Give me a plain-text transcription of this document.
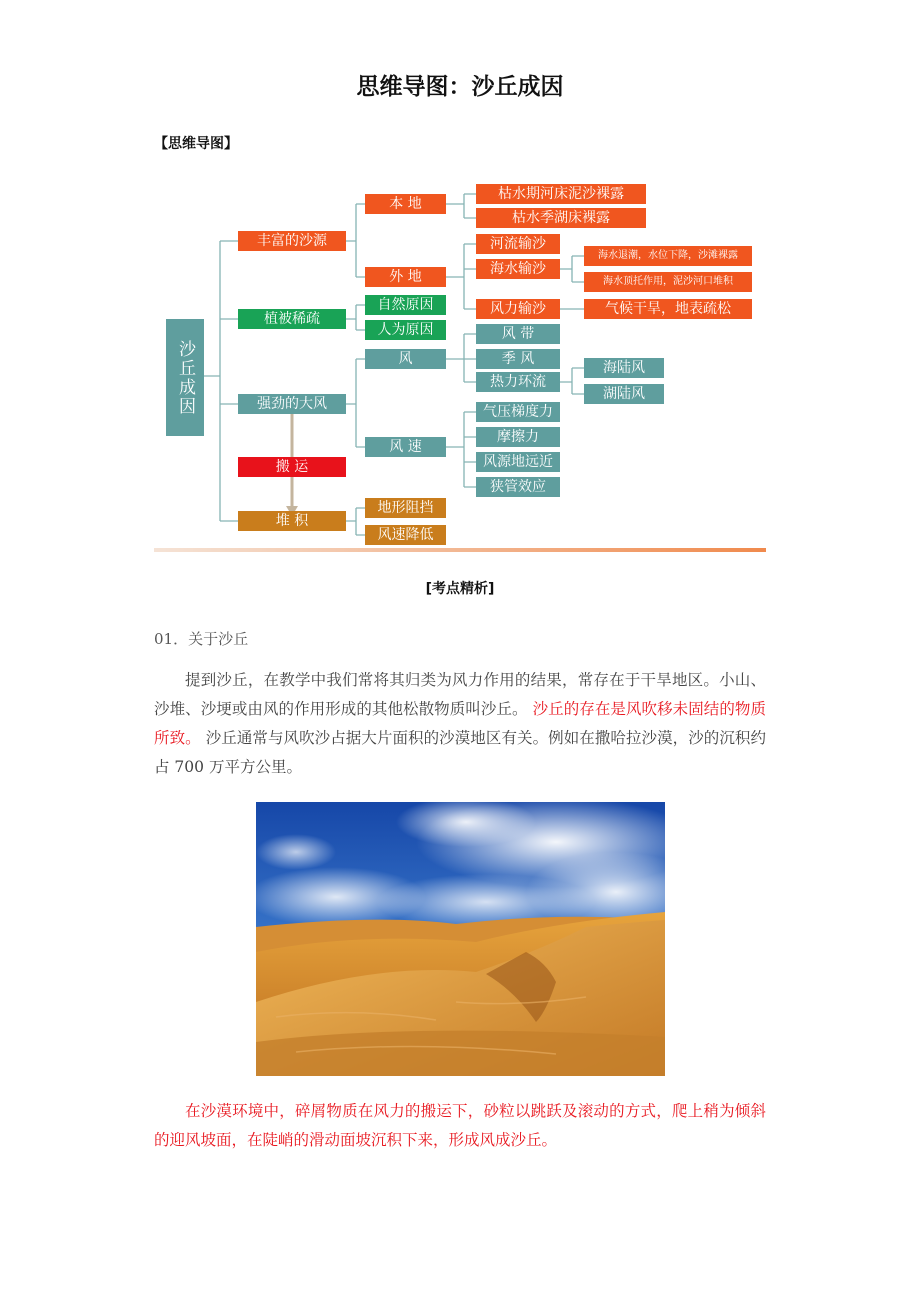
思维导图：沙丘成因
【思维导图】
沙丘成因
丰富的沙源
植被稀疏
强劲的大风
搬 运
堆 积
本 地
外 地
自然原因
人为原因
风
风 速
地形阻挡
风速降低
枯水期河床泥沙裸露
枯水季湖床裸露
河流输沙
海水输沙
风力输沙
风 带
季 风
热力环流
气压梯度力
摩擦力
风源地远近
狭管效应
海水退潮，水位下降，沙滩裸露
海水顶托作用，泥沙河口堆积
气候干旱，地表疏松
海陆风
湖陆风
[考点精析]
01．关于沙丘
提到沙丘，在教学中我们常将其归类为风力作用的结果，常存在于干旱地区。小山、沙堆、沙埂或由风的作用形成的其他松散物质叫沙丘。 沙丘的存在是风吹移未固结的物质所致。 沙丘通常与风吹沙占据大片面积的沙漠地区有关。例如在撒哈拉沙漠，沙的沉积约占 700 万平方公里。
在沙漠环境中，碎屑物质在风力的搬运下，砂粒以跳跃及滚动的方式，爬上稍为倾斜的迎风坡面，在陡峭的滑动面坡沉积下来，形成风成沙丘。
